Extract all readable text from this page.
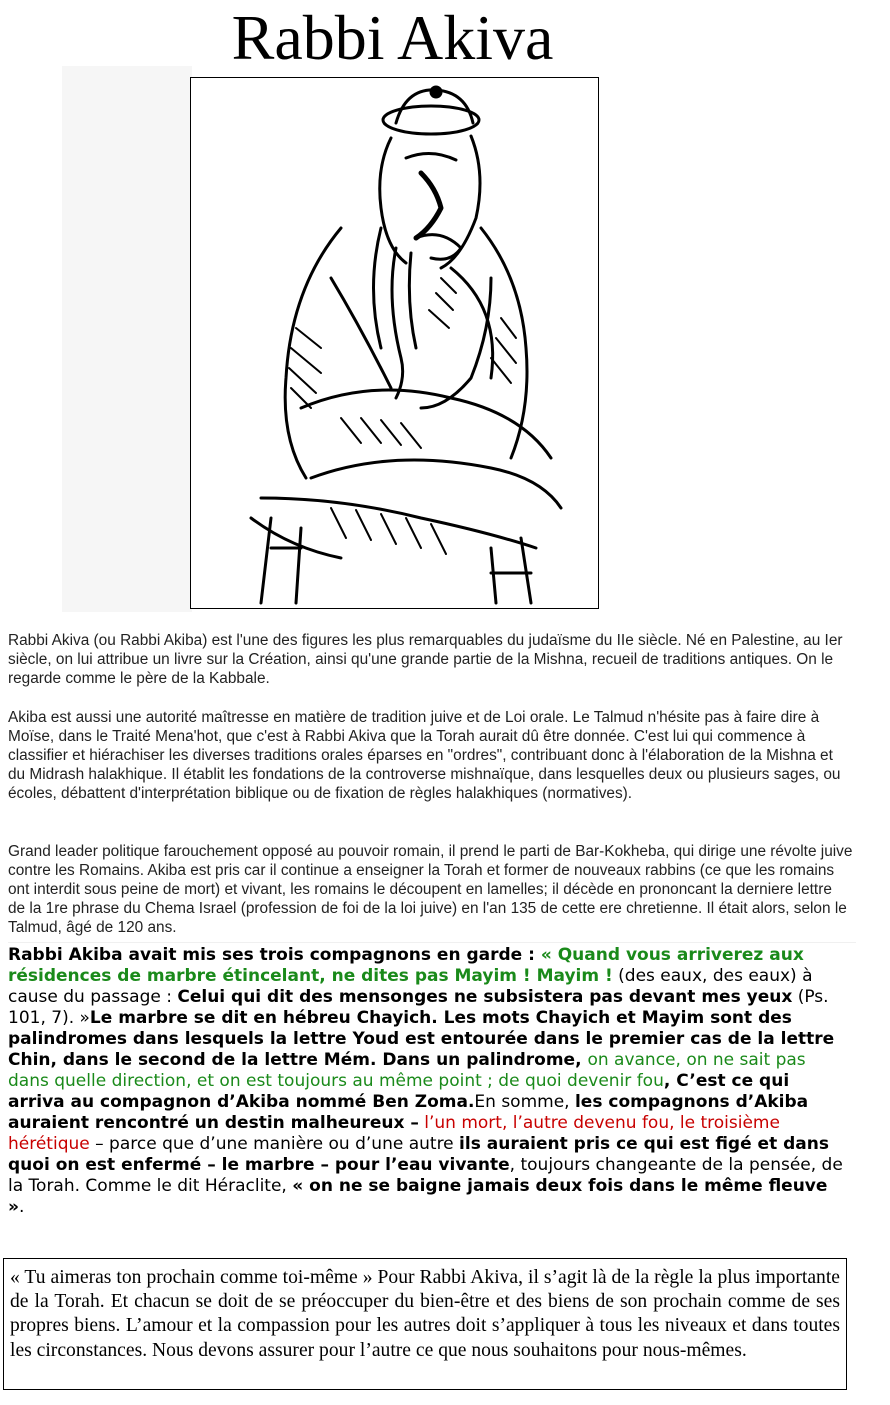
Rabbi Akiva

Rabbi Akiva (ou Rabbi Akiba) est l'une des figures les plus remarquables du judaïsme du IIe siècle. Né en Palestine, au Ier siècle, on lui attribue un livre sur la Création, ainsi qu'une grande partie de la Mishna, recueil de traditions antiques. On le regarde comme le père de la Kabbale.

Akiba est aussi une autorité maîtresse en matière de tradition juive et de Loi orale. Le Talmud n'hésite pas à faire dire à Moïse, dans le Traité Mena'hot, que c'est à Rabbi Akiva que la Torah aurait dû être donnée. C'est lui qui commence à classifier et hiérachiser les diverses traditions orales éparses en "ordres", contribuant donc à l'élaboration de la Mishna et du Midrash halakhique. Il établit les fondations de la controverse mishnaïque, dans lesquelles deux ou plusieurs sages, ou écoles, débattent d'interprétation biblique ou de fixation de règles halakhiques (normatives).

Grand leader politique farouchement opposé au pouvoir romain, il prend le parti de Bar-Kokheba, qui dirige une révolte juive contre les Romains. Akiba est pris car il continue a enseigner la Torah et former de nouveaux rabbins (ce que les romains ont interdit sous peine de mort) et vivant, les romains le découpent en lamelles; il décède en prononcant la derniere lettre de la 1re phrase du Chema Israel (profession de foi de la loi juive) en l'an 135 de cette ere chretienne. Il était alors, selon le Talmud, âgé de 120 ans.

Rabbi Akiba avait mis ses trois compagnons en garde : « Quand vous arriverez aux résidences de marbre étincelant, ne dites pas Mayim ! Mayim ! (des eaux, des eaux) à cause du passage : Celui qui dit des mensonges ne subsistera pas devant mes yeux (Ps. 101, 7). »Le marbre se dit en hébreu Chayich. Les mots Chayich et Mayim sont des palindromes dans lesquels la lettre Youd est entourée dans le premier cas de la lettre Chin, dans le second de la lettre Mém. Dans un palindrome, on avance, on ne sait pas dans quelle direction, et on est toujours au même point ; de quoi devenir fou, C’est ce qui arriva au compagnon d’Akiba nommé Ben Zoma.En somme, les compagnons d’Akiba auraient rencontré un destin malheureux – l’un mort, l’autre devenu fou, le troisième hérétique – parce que d’une manière ou d’une autre ils auraient pris ce qui est figé et dans quoi on est enfermé – le marbre – pour l’eau vivante, toujours changeante de la pensée, de la Torah. Comme le dit Héraclite, « on ne se baigne jamais deux fois dans le même fleuve ».

« Tu aimeras ton prochain comme toi-même » Pour Rabbi Akiva, il s’agit là de la règle la plus importante de la Torah. Et chacun se doit de se préoccuper du bien-être et des biens de son prochain comme de ses propres biens. L’amour et la compassion pour les autres doit s’appliquer à tous les niveaux et dans toutes les circonstances. Nous devons assurer pour l’autre ce que nous souhaitons pour nous-mêmes.
